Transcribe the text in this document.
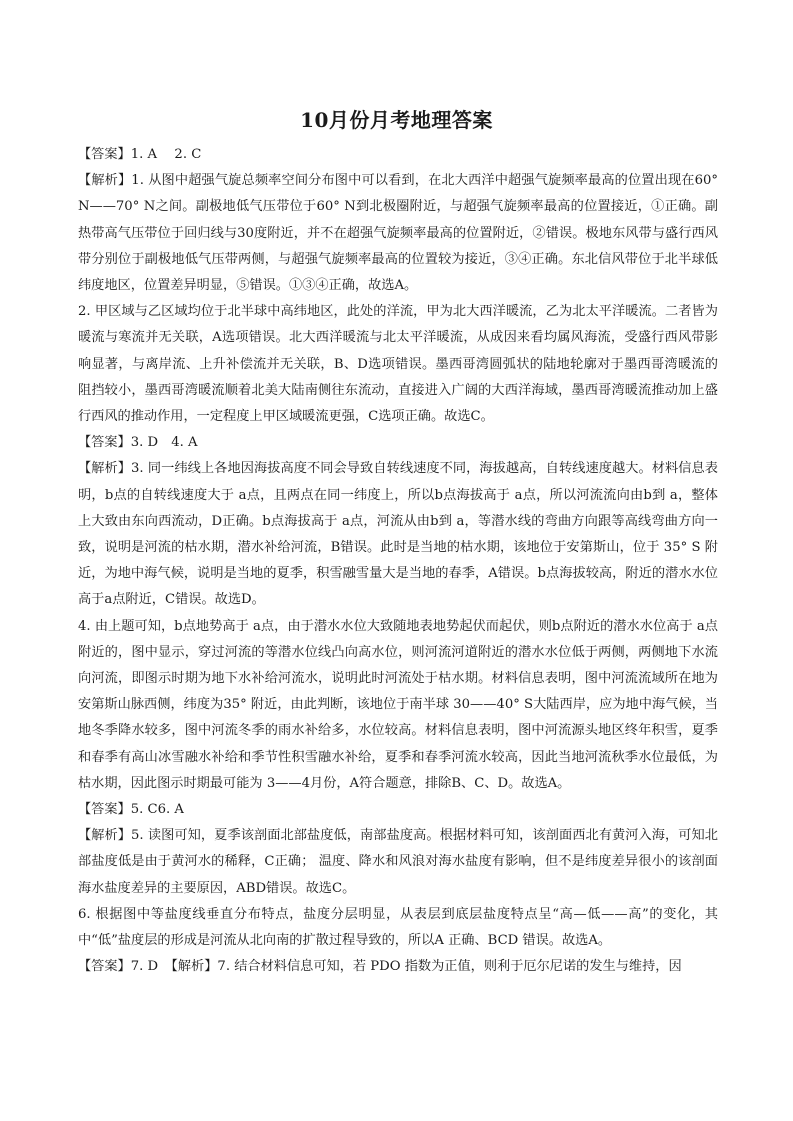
10月份月考地理答案

【答案】1. A　 2. C

【解析】1. 从图中超强气旋总频率空间分布图中可以看到，在北大西洋中超强气旋频率最高的位置出现在60° N——70° N之间。副极地低气压带位于60° N到北极圈附近，与超强气旋频率最高的位置接近，①正确。副热带高气压带位于回归线与30度附近，并不在超强气旋频率最高的位置附近，②错误。极地东风带与盛行西风带分别位于副极地低气压带两侧，与超强气旋频率最高的位置较为接近，③④正确。东北信风带位于北半球低纬度地区，位置差异明显，⑤错误。①③④正确，故选A。

2. 甲区域与乙区域均位于北半球中高纬地区，此处的洋流，甲为北大西洋暖流，乙为北太平洋暖流。二者皆为暖流与寒流并无关联，A选项错误。北大西洋暖流与北太平洋暖流，从成因来看均属风海流，受盛行西风带影响显著，与离岸流、上升补偿流并无关联，B、D选项错误。墨西哥湾圆弧状的陆地轮廓对于墨西哥湾暖流的阻挡较小，墨西哥湾暖流顺着北美大陆南侧往东流动，直接进入广阔的大西洋海域，墨西哥湾暖流推动加上盛行西风的推动作用，一定程度上甲区域暖流更强，C选项正确。故选C。

【答案】3. D　4. A

【解析】3. 同一纬线上各地因海拔高度不同会导致自转线速度不同，海拔越高，自转线速度越大。材料信息表明，b点的自转线速度大于 a点，且两点在同一纬度上，所以b点海拔高于 a点，所以河流流向由b到 a，整体上大致由东向西流动，D正确。b点海拔高于 a点，河流从由b到 a，等潜水线的弯曲方向跟等高线弯曲方向一致，说明是河流的枯水期，潜水补给河流，B错误。此时是当地的枯水期，该地位于安第斯山，位于 35° S 附近，为地中海气候，说明是当地的夏季，积雪融雪量大是当地的春季，A错误。b点海拔较高，附近的潜水水位高于a点附近，C错误。故选D。

4. 由上题可知，b点地势高于 a点，由于潜水水位大致随地表地势起伏而起伏，则b点附近的潜水水位高于 a点附近的，图中显示，穿过河流的等潜水位线凸向高水位，则河流河道附近的潜水水位低于两侧，两侧地下水流向河流，即图示时期为地下水补给河流水，说明此时河流处于枯水期。材料信息表明，图中河流流域所在地为安第斯山脉西侧，纬度为35° 附近，由此判断，该地位于南半球 30——40° S大陆西岸，应为地中海气候，当地冬季降水较多，图中河流冬季的雨水补给多，水位较高。材料信息表明，图中河流源头地区终年积雪，夏季和春季有高山冰雪融水补给和季节性积雪融水补给，夏季和春季河流水较高，因此当地河流秋季水位最低，为枯水期，因此图示时期最可能为 3——4月份，A符合题意，排除B、C、D。故选A。

【答案】5. C6. A

【解析】5. 读图可知，夏季该剖面北部盐度低，南部盐度高。根据材料可知，该剖面西北有黄河入海，可知北部盐度低是由于黄河水的稀释，C正确； 温度、降水和风浪对海水盐度有影响，但不是纬度差异很小的该剖面海水盐度差异的主要原因，ABD错误。故选C。

6. 根据图中等盐度线垂直分布特点，盐度分层明显，从表层到底层盐度特点呈“高—低——高”的变化，其中“低”盐度层的形成是河流从北向南的扩散过程导致的，所以A 正确、BCD 错误。故选A。

【答案】7. D　【解析】7. 结合材料信息可知，若 PDO 指数为正值，则利于厄尔尼诺的发生与维持，因
